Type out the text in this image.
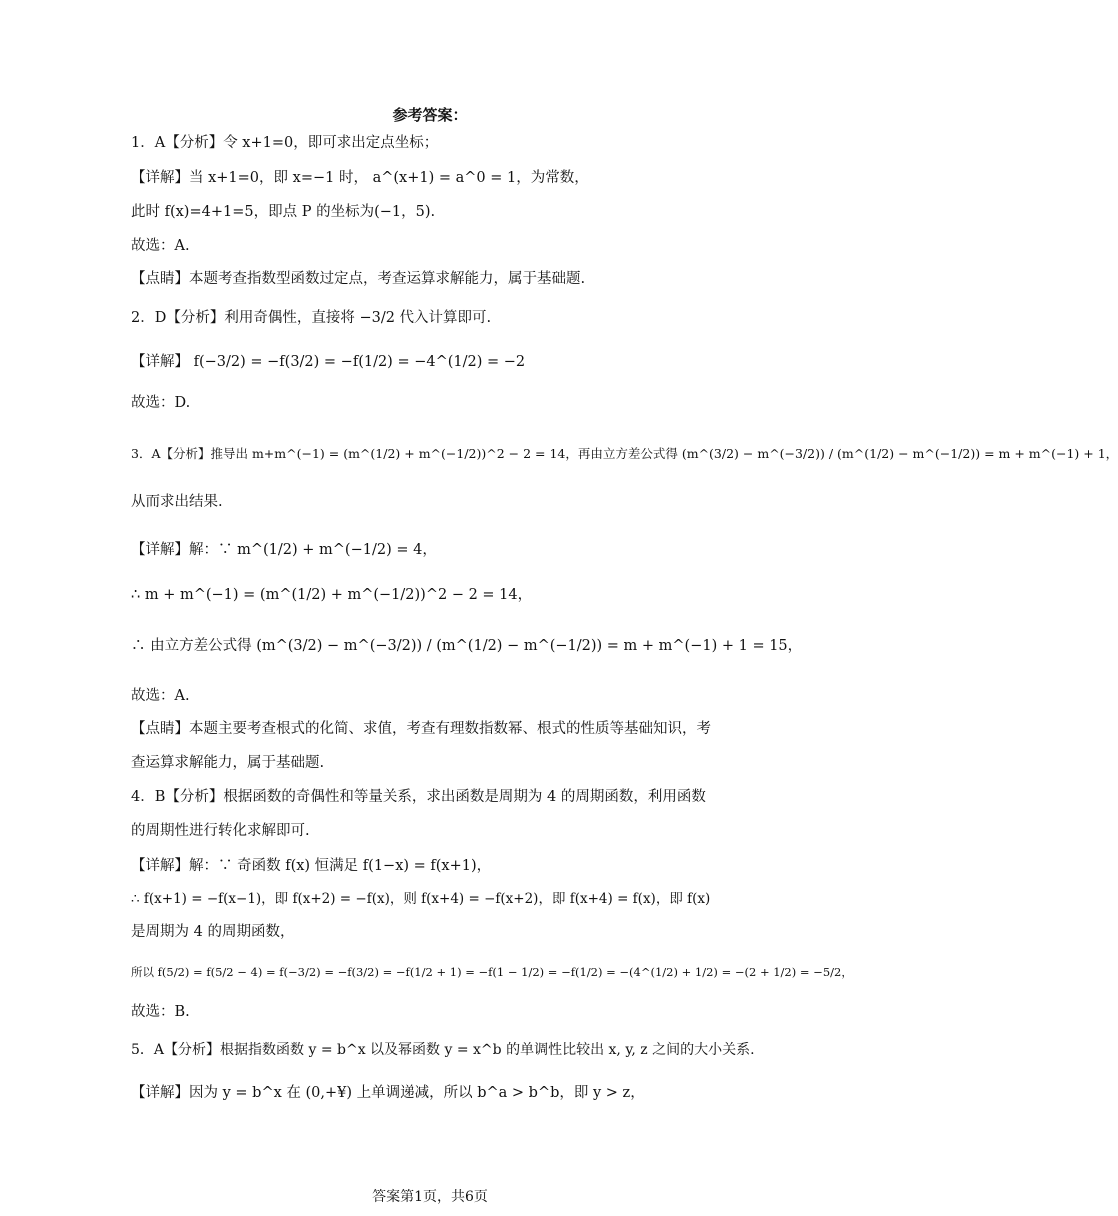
参考答案：
1．A【分析】令 x+1=0，即可求出定点坐标；
【详解】当 x+1=0，即 x=−1 时， a^(x+1) = a^0 = 1，为常数，
此时 f(x)=4+1=5，即点 P 的坐标为(−1，5).
故选：A.
【点睛】本题考查指数型函数过定点，考查运算求解能力，属于基础题.
2．D【分析】利用奇偶性，直接将 −3/2 代入计算即可.
【详解】 f(−3/2) = −f(3/2) = −f(1/2) = −4^(1/2) = −2
故选：D.
3．A【分析】推导出 m+m^(−1) = (m^(1/2) + m^(−1/2))^2 − 2 = 14，再由立方差公式得 (m^(3/2) − m^(−3/2)) / (m^(1/2) − m^(−1/2)) = m + m^(−1) + 1，
从而求出结果.
【详解】解：∵ m^(1/2) + m^(−1/2) = 4，
∴ m + m^(−1) = (m^(1/2) + m^(−1/2))^2 − 2 = 14，
∴ 由立方差公式得 (m^(3/2) − m^(−3/2)) / (m^(1/2) − m^(−1/2)) = m + m^(−1) + 1 = 15，
故选：A.
【点睛】本题主要考查根式的化简、求值，考查有理数指数幂、根式的性质等基础知识，考
查运算求解能力，属于基础题.
4．B【分析】根据函数的奇偶性和等量关系，求出函数是周期为 4 的周期函数，利用函数
的周期性进行转化求解即可.
【详解】解：∵ 奇函数 f(x) 恒满足 f(1−x) = f(x+1)，
∴ f(x+1) = −f(x−1)，即 f(x+2) = −f(x)，则 f(x+4) = −f(x+2)，即 f(x+4) = f(x)，即 f(x)
是周期为 4 的周期函数，
所以 f(5/2) = f(5/2 − 4) = f(−3/2) = −f(3/2) = −f(1/2 + 1) = −f(1 − 1/2) = −f(1/2) = −(4^(1/2) + 1/2) = −(2 + 1/2) = −5/2，
故选：B.
5．A【分析】根据指数函数 y = b^x 以及幂函数 y = x^b 的单调性比较出 x, y, z 之间的大小关系.
【详解】因为 y = b^x 在 (0,+¥) 上单调递减，所以 b^a > b^b，即 y > z，
答案第1页，共6页
